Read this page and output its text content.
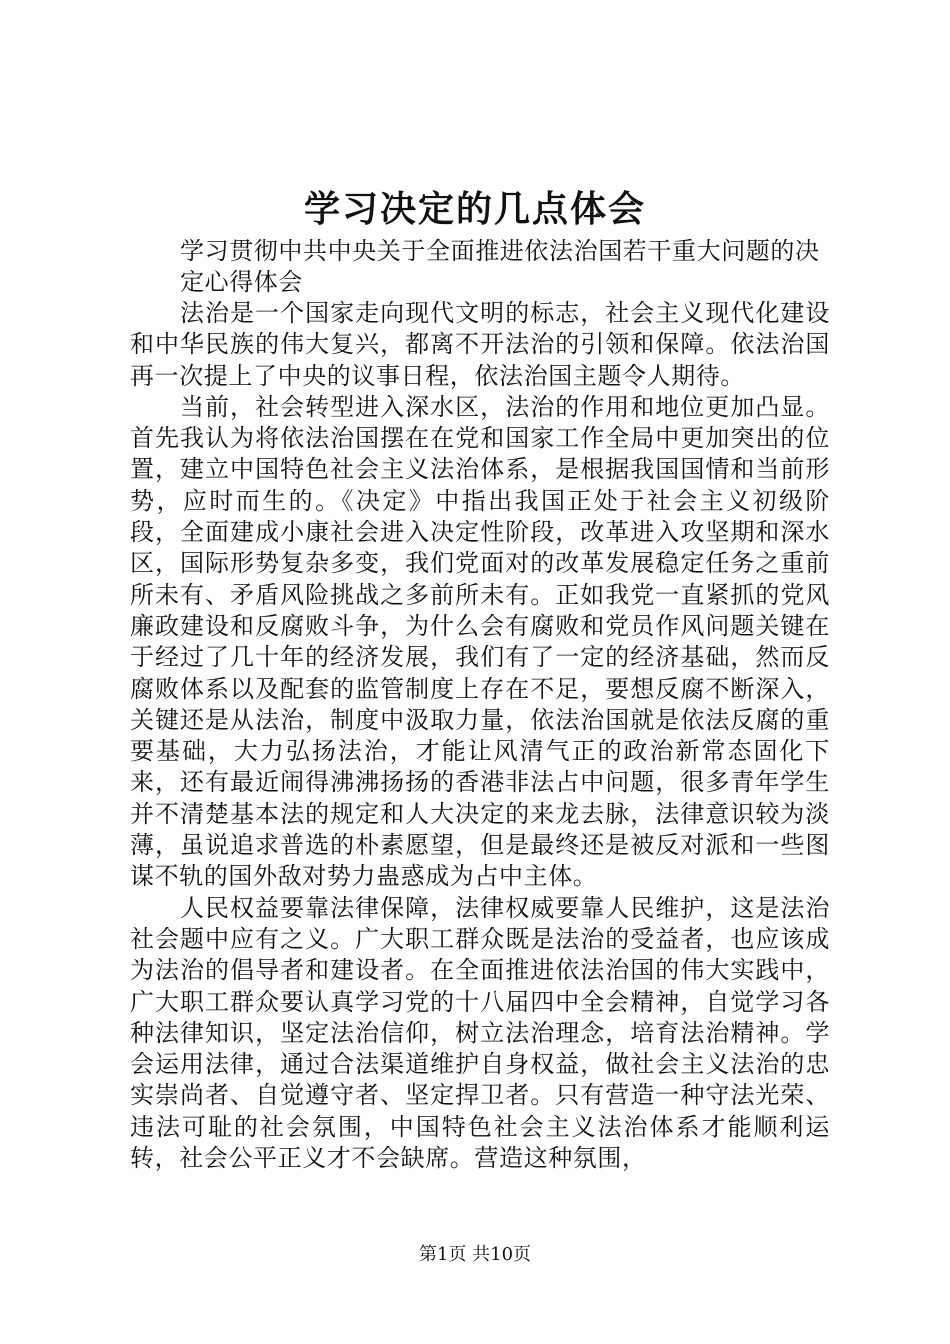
学习决定的几点体会

学习贯彻中共中央关于全面推进依法治国若干重大问题的决定心得体会

法治是一个国家走向现代文明的标志，社会主义现代化建设和中华民族的伟大复兴，都离不开法治的引领和保障。依法治国再一次提上了中央的议事日程，依法治国主题令人期待。

当前，社会转型进入深水区，法治的作用和地位更加凸显。首先我认为将依法治国摆在在党和国家工作全局中更加突出的位置，建立中国特色社会主义法治体系，是根据我国国情和当前形势，应时而生的。《决定》中指出我国正处于社会主义初级阶段，全面建成小康社会进入决定性阶段，改革进入攻坚期和深水区，国际形势复杂多变，我们党面对的改革发展稳定任务之重前所未有、矛盾风险挑战之多前所未有。正如我党一直紧抓的党风廉政建设和反腐败斗争，为什么会有腐败和党员作风问题关键在于经过了几十年的经济发展，我们有了一定的经济基础，然而反腐败体系以及配套的监管制度上存在不足，要想反腐不断深入，关键还是从法治，制度中汲取力量，依法治国就是依法反腐的重要基础，大力弘扬法治，才能让风清气正的政治新常态固化下来，还有最近闹得沸沸扬扬的香港非法占中问题，很多青年学生并不清楚基本法的规定和人大决定的来龙去脉，法律意识较为淡薄，虽说追求普选的朴素愿望，但是最终还是被反对派和一些图谋不轨的国外敌对势力蛊惑成为占中主体。

人民权益要靠法律保障，法律权威要靠人民维护，这是法治社会题中应有之义。广大职工群众既是法治的受益者，也应该成为法治的倡导者和建设者。在全面推进依法治国的伟大实践中，广大职工群众要认真学习党的十八届四中全会精神，自觉学习各种法律知识，坚定法治信仰，树立法治理念，培育法治精神。学会运用法律，通过合法渠道维护自身权益，做社会主义法治的忠实崇尚者、自觉遵守者、坚定捍卫者。只有营造一种守法光荣、违法可耻的社会氛围，中国特色社会主义法治体系才能顺利运转，社会公平正义才不会缺席。营造这种氛围，

第1页 共10页
